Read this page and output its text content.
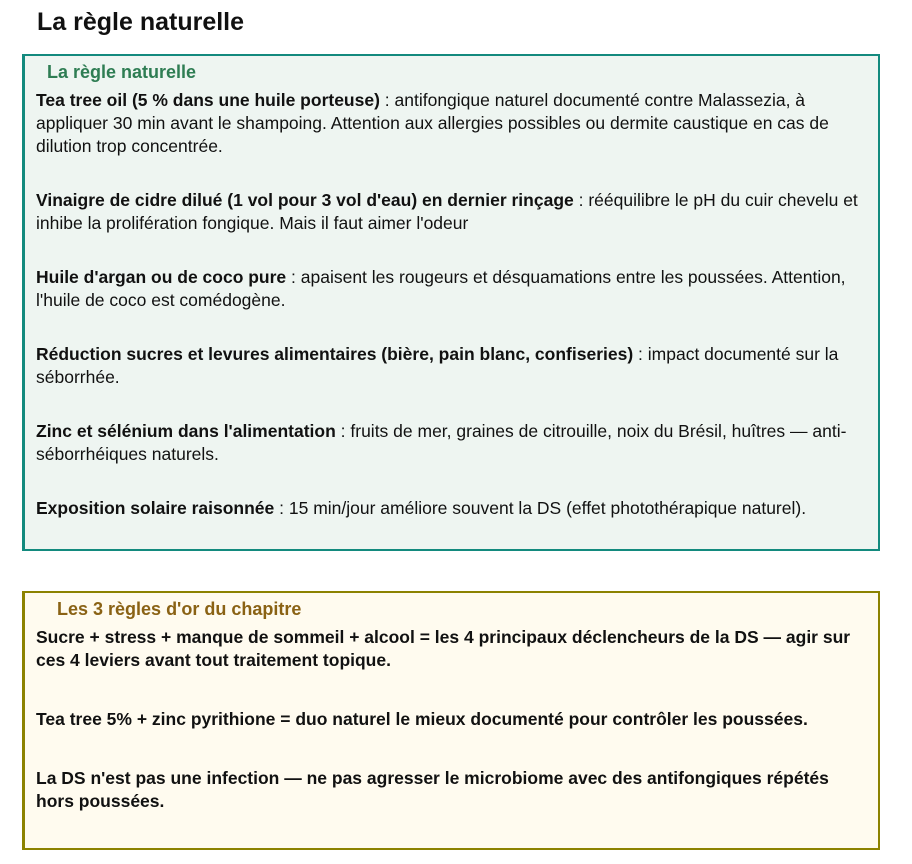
La règle naturelle
La règle naturelle

Tea tree oil (5 % dans une huile porteuse) : antifongique naturel documenté contre Malassezia, à appliquer 30 min avant le shampoing. Attention aux allergies possibles ou dermite caustique en cas de dilution trop concentrée.

Vinaigre de cidre dilué (1 vol pour 3 vol d'eau) en dernier rinçage : rééquilibre le pH du cuir chevelu et inhibe la prolifération fongique. Mais il faut aimer l'odeur

Huile d'argan ou de coco pure : apaisent les rougeurs et désquamations entre les poussées. Attention, l'huile de coco est comédogène.

Réduction sucres et levures alimentaires (bière, pain blanc, confiseries) : impact documenté sur la séborrhée.

Zinc et sélénium dans l'alimentation : fruits de mer, graines de citrouille, noix du Brésil, huîtres — anti-séborrhéiques naturels.

Exposition solaire raisonnée : 15 min/jour améliore souvent la DS (effet photothérapique naturel).

Les 3 règles d'or du chapitre

Sucre + stress + manque de sommeil + alcool = les 4 principaux déclencheurs de la DS — agir sur ces 4 leviers avant tout traitement topique.

Tea tree 5% + zinc pyrithione = duo naturel le mieux documenté pour contrôler les poussées.

La DS n'est pas une infection — ne pas agresser le microbiome avec des antifongiques répétés hors poussées.
